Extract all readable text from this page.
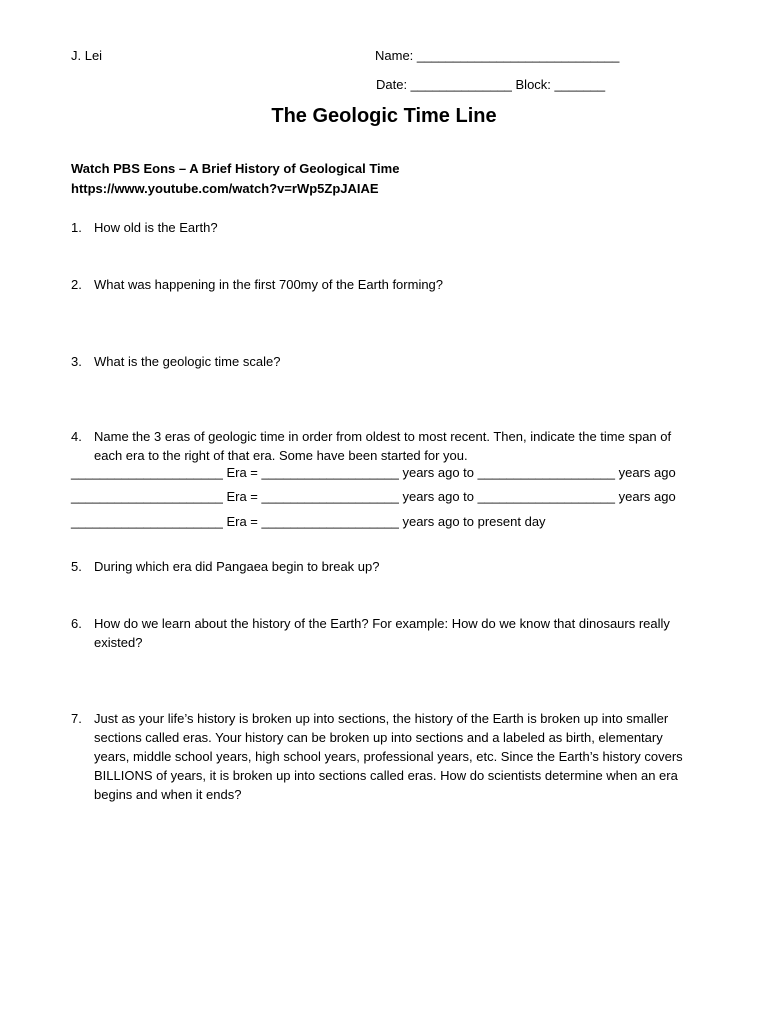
J. Lei	Name: ____________________________
Date: ______________ Block: _______
The Geologic Time Line
Watch PBS Eons – A Brief History of Geological Time
https://www.youtube.com/watch?v=rWp5ZpJAIAE
1. How old is the Earth?
2. What was happening in the first 700my of the Earth forming?
3. What is the geologic time scale?
4. Name the 3 eras of geologic time in order from oldest to most recent. Then, indicate the time span of each era to the right of that era. Some have been started for you.
_____________________ Era = ___________________ years ago to ___________________ years ago
_____________________ Era = ___________________ years ago to ___________________ years ago
_____________________ Era = ___________________ years ago to present day
5. During which era did Pangaea begin to break up?
6. How do we learn about the history of the Earth? For example: How do we know that dinosaurs really existed?
7. Just as your life’s history is broken up into sections, the history of the Earth is broken up into smaller sections called eras. Your history can be broken up into sections and a labeled as birth, elementary years, middle school years, high school years, professional years, etc. Since the Earth’s history covers BILLIONS of years, it is broken up into sections called eras. How do scientists determine when an era begins and when it ends?
